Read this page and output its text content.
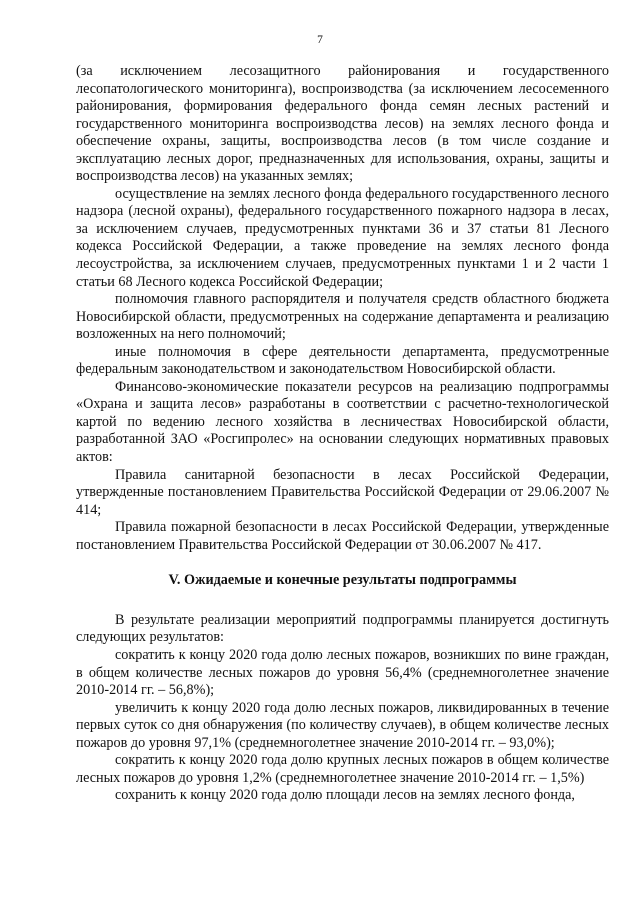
7

(за исключением лесозащитного районирования и государственного лесопатологического мониторинга), воспроизводства (за исключением лесосеменного районирования, формирования федерального фонда семян лесных растений и государственного мониторинга воспроизводства лесов) на землях лесного фонда и обеспечение охраны, защиты, воспроизводства лесов (в том числе создание и эксплуатацию лесных дорог, предназначенных для использования, охраны, защиты и воспроизводства лесов) на указанных землях;

осуществление на землях лесного фонда федерального государственного лесного надзора (лесной охраны), федерального государственного пожарного надзора в лесах, за исключением случаев, предусмотренных пунктами 36 и 37 статьи 81 Лесного кодекса Российской Федерации, а также проведение на землях лесного фонда лесоустройства, за исключением случаев, предусмотренных пунктами 1 и 2 части 1 статьи 68 Лесного кодекса Российской Федерации;

полномочия главного распорядителя и получателя средств областного бюджета Новосибирской области, предусмотренных на содержание департамента и реализацию возложенных на него полномочий;

иные полномочия в сфере деятельности департамента, предусмотренные федеральным законодательством и законодательством Новосибирской области.

Финансово-экономические показатели ресурсов на реализацию подпрограммы «Охрана и защита лесов» разработаны в соответствии с расчетно-технологической картой по ведению лесного хозяйства в лесничествах Новосибирской области, разработанной ЗАО «Росгипролес» на основании следующих нормативных правовых актов:

Правила санитарной безопасности в лесах Российской Федерации, утвержденные постановлением Правительства Российской Федерации от 29.06.2007 № 414;

Правила пожарной безопасности в лесах Российской Федерации, утвержденные постановлением Правительства Российской Федерации от 30.06.2007 № 417.

V. Ожидаемые и конечные результаты подпрограммы

В результате реализации мероприятий подпрограммы планируется достигнуть следующих результатов:

сократить к концу 2020 года долю лесных пожаров, возникших по вине граждан, в общем количестве лесных пожаров до уровня 56,4% (среднемноголетнее значение 2010-2014 гг. – 56,8%);

увеличить к концу 2020 года долю лесных пожаров, ликвидированных в течение первых суток со дня обнаружения (по количеству случаев), в общем количестве лесных пожаров до уровня 97,1% (среднемноголетнее значение 2010-2014 гг. – 93,0%);

сократить к концу 2020 года долю крупных лесных пожаров в общем количестве лесных пожаров до уровня 1,2% (среднемноголетнее значение 2010-2014 гг. – 1,5%)

сохранить к концу 2020 года долю площади лесов на землях лесного фонда,
